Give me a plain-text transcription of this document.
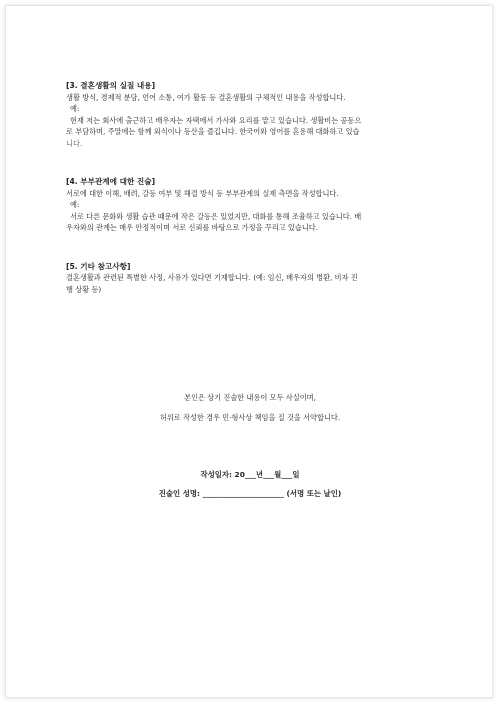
[3. 결혼생활의 실질 내용]

생활 방식, 경제적 분담, 언어 소통, 여가 활동 등 결혼생활의 구체적인 내용을 작성합니다.

예:

현재 저는 회사에 출근하고 배우자는 자택에서 가사와 요리를 맡고 있습니다. 생활비는 공동으

로 부담하며, 주말에는 함께 외식이나 등산을 즐깁니다. 한국어와 영어를 혼용해 대화하고 있습

니다.

[4. 부부관계에 대한 진술]

서로에 대한 이해, 배려, 갈등 여부 및 해결 방식 등 부부관계의 실제 측면을 작성합니다.

예:

서로 다른 문화와 생활 습관 때문에 작은 갈등은 있었지만, 대화를 통해 조율하고 있습니다. 배

우자와의 관계는 매우 안정적이며 서로 신뢰를 바탕으로 가정을 꾸리고 있습니다.

[5. 기타 참고사항]

결혼생활과 관련된 특별한 사정, 사유가 있다면 기재합니다. (예: 임신, 배우자의 병환, 비자 진

행 상황 등)

본인은 상기 진술한 내용이 모두 사실이며,
허위로 작성한 경우 민·형사상 책임을 질 것을 서약합니다.
작성일자: 20___년___월___일
진술인 성명: ______________________ (서명 또는 날인)
